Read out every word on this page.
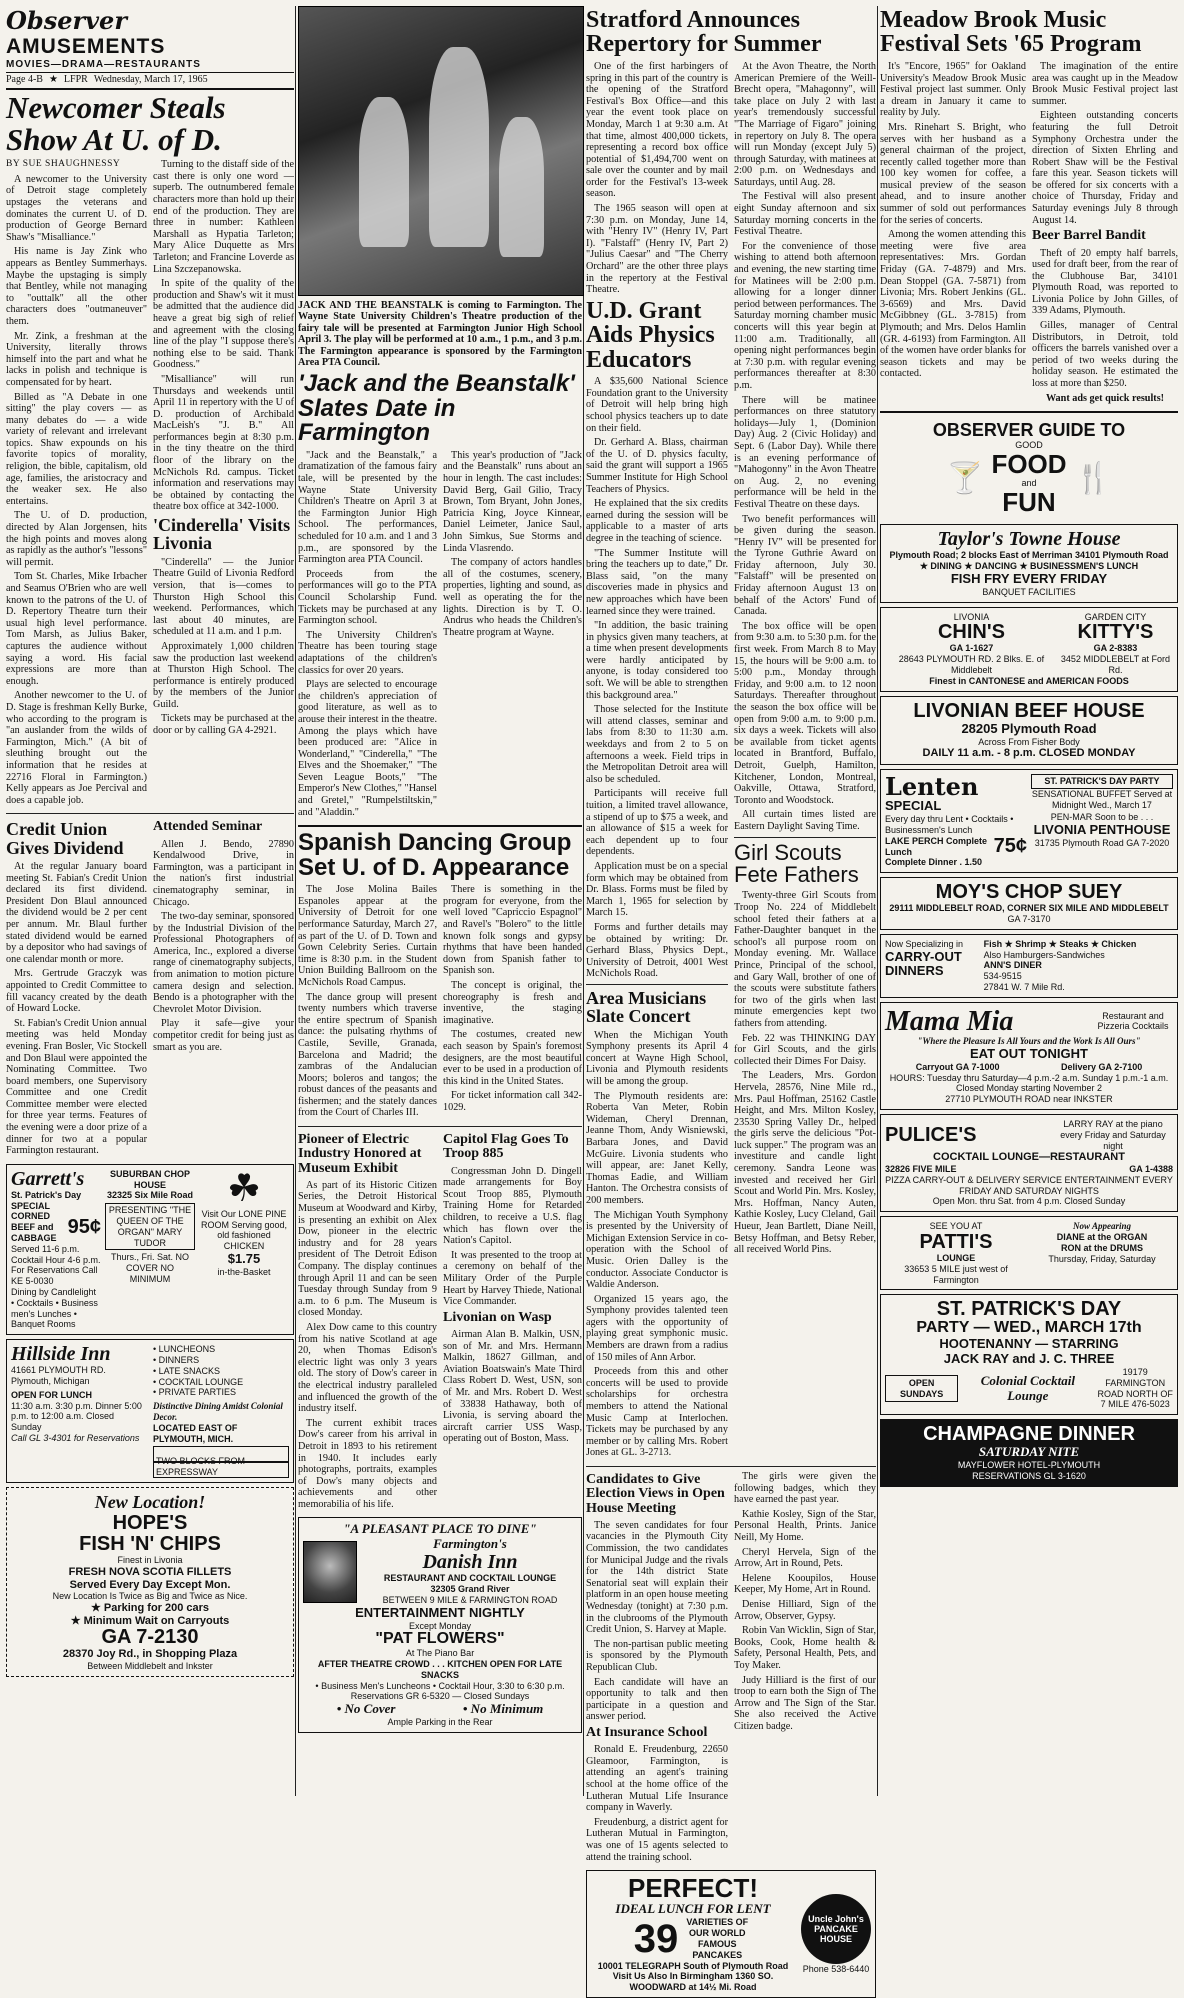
Observer
AMUSEMENTS
MOVIES—DRAMA—RESTAURANTS
Page 4-B ★ LFPR Wednesday, March 17, 1965
Newcomer Steals Show At U. of D.

BY SUE SHAUGHNESSY

A newcomer to the University of Detroit stage completely upstages the veterans and dominates the current U. of D. production of George Bernard Shaw's "Misalliance."

His name is Jay Zink who appears as Bentley Summerhays. Maybe the upstaging is simply that Bentley, while not managing to "outtalk" all the other characters does "outmaneuver" them.

Mr. Zink, a freshman at the University, literally throws himself into the part and what he lacks in polish and technique is compensated for by heart.

Billed as "A Debate in one sitting" the play covers — as many debates do — a wide variety of relevant and irrelevant topics. Shaw expounds on his favorite topics of morality, religion, the bible, capitalism, old age, families, the aristocracy and the weaker sex. He also entertains.

The U. of D. production, directed by Alan Jorgensen, hits the high points and moves along as rapidly as the author's "lessons" will permit.

Tom St. Charles, Mike Irbacher and Seamus O'Brien who are well known to the patrons of the U. of D. Repertory Theatre turn their usual high level performance. Tom Marsh, as Julius Baker, captures the audience without saying a word. His facial expressions are more than enough.

Another newcomer to the U. of D. Stage is freshman Kelly Burke, who according to the program is "an auslander from the wilds of Farmington, Mich." (A bit of sleuthing brought out the information that he resides at 22716 Floral in Farmington.) Kelly appears as Joe Percival and does a capable job.

Turning to the distaff side of the cast there is only one word — superb. The outnumbered female characters more than hold up their end of the production. They are three in number: Kathleen Marshall as Hypatia Tarleton; Mary Alice Duquette as Mrs Tarleton; and Francine Loverde as Lina Szczepanowska.

In spite of the quality of the production and Shaw's wit it must be admitted that the audience did heave a great big sigh of relief and agreement with the closing line of the play "I suppose there's nothing else to be said. Thank Goodness."

"Misalliance" will run Thursdays and weekends until April 11 in repertory with the U of D. production of Archibald MacLeish's "J. B." All performances begin at 8:30 p.m. in the tiny theatre on the third floor of the library on the McNichols Rd. campus. Ticket information and reservations may be obtained by contacting the theatre box office at 342-1000.

'Cinderella' Visits Livonia

"Cinderella" — the Junior Theatre Guild of Livonia Redford version, that is—comes to Thurston High School this weekend. Performances, which last about 40 minutes, are scheduled at 11 a.m. and 1 p.m.

Approximately 1,000 children saw the production last weekend at Thurston High School. The performance is entirely produced by the members of the Junior Guild.

Tickets may be purchased at the door or by calling GA 4-2921.

Credit Union Gives Dividend

At the regular January board meeting St. Fabian's Credit Union declared its first dividend. President Don Blaul announced the dividend would be 2 per cent per annum. Mr. Blaul further stated dividend would be earned by a depositor who had savings of one calendar month or more.

Mrs. Gertrude Graczyk was appointed to Credit Committee to fill vacancy created by the death of Howard Locke.

St. Fabian's Credit Union annual meeting was held Monday evening. Fran Bosler, Vic Stockell and Don Blaul were appointed the Nominating Committee. Two board members, one Supervisory Committee and one Credit Committee member were elected for three year terms. Features of the evening were a door prize of a dinner for two at a popular Farmington restaurant.

Attended Seminar

Allen J. Bendo, 27890 Kendalwood Drive, in Farmington, was a participant in the nation's first industrial cinematography seminar, in Chicago.

The two-day seminar, sponsored by the Industrial Division of the Professional Photographers of America, Inc., explored a diverse range of cinematography subjects, from animation to motion picture camera design and selection. Bendo is a photographer with the Chevrolet Motor Division.

Play it safe—give your competitor credit for being just as smart as you are.

Garrett's
St. Patrick's Day SPECIAL
CORNED BEEF and CABBAGE 95¢
Served 11-6 p.m. Cocktail Hour 4-6 p.m. For Reservations Call KE 5-0030
Dining by Candlelight • Cocktails • Business men's Lunches • Banquet Rooms
SUBURBAN CHOP HOUSE
32325 Six Mile Road
PRESENTING "THE QUEEN OF THE ORGAN" MARY TUDOR
Thurs., Fri. Sat. NO COVER NO MINIMUM
☘
Visit Our LONE PINE ROOM Serving good, old fashioned CHICKEN
$1.75
in-the-Basket
Hillside Inn
41661 PLYMOUTH RD. Plymouth, Michigan
OPEN FOR LUNCH
11:30 a.m. 3:30 p.m. Dinner 5:00 p.m. to 12:00 a.m. Closed Sunday
Call GL 3-4301 for Reservations
• LUNCHEONS
• DINNERS
• LATE SNACKS
• COCKTAIL LOUNGE
• PRIVATE PARTIES
Distinctive Dining Amidst Colonial Decor.
LOCATED EAST OF PLYMOUTH, MICH.
TWO BLOCKS FROM EXPRESSWAY
New Location!
HOPE'S
FISH 'N' CHIPS
Finest in Livonia
FRESH NOVA SCOTIA FILLETS
Served Every Day Except Mon.
New Location Is Twice as Big and Twice as Nice.
★ Parking for 200 cars
★ Minimum Wait on Carryouts
GA 7-2130
28370 Joy Rd., in Shopping Plaza
Between Middlebelt and Inkster
JACK AND THE BEANSTALK is coming to Farmington. The Wayne State University Children's Theatre production of the fairy tale will be presented at Farmington Junior High School April 3. The play will be performed at 10 a.m., 1 p.m., and 3 p.m. The Farmington appearance is sponsored by the Farmington Area PTA Council.
'Jack and the Beanstalk' Slates Date in Farmington

"Jack and the Beanstalk," a dramatization of the famous fairy tale, will be presented by the Wayne State University Children's Theatre on April 3 at the Farmington Junior High School. The performances, scheduled for 10 a.m. and 1 and 3 p.m., are sponsored by the Farmington area PTA Council.

Proceeds from the performances will go to the PTA Council Scholarship Fund. Tickets may be purchased at any Farmington school.

The University Children's Theatre has been touring stage adaptations of the children's classics for over 20 years.

Plays are selected to encourage the children's appreciation of good literature, as well as to arouse their interest in the theatre. Among the plays which have been produced are: "Alice in Wonderland," "Cinderella," "The Elves and the Shoemaker," "The Seven League Boots," "The Emperor's New Clothes," "Hansel and Gretel," "Rumpelstiltskin," and "Aladdin."

This year's production of "Jack and the Beanstalk" runs about an hour in length. The cast includes: David Berg, Gail Gilio, Tracy Brown, Tom Bryant, John Jones, Patricia King, Joyce Kinnear, Daniel Leimeter, Janice Saul, John Simkus, Sue Storms and Linda Vlasrendo.

The company of actors handles all of the costumes, scenery, properties, lighting and sound, as well as operating the for the lights. Direction is by T. O. Andrus who heads the Children's Theatre program at Wayne.

Spanish Dancing Group Set U. of D. Appearance

The Jose Molina Bailes Espanoles appear at the University of Detroit for one performance Saturday, March 27, as part of the U. of D. Town and Gown Celebrity Series. Curtain time is 8:30 p.m. in the Student Union Building Ballroom on the McNichols Road Campus.

The dance group will present twenty numbers which traverse the entire spectrum of Spanish dance: the pulsating rhythms of Castile, Seville, Granada, Barcelona and Madrid; the zambras of the Andalucian Moors; boleros and tangos; the robust dances of the peasants and fishermen; and the stately dances from the Court of Charles III.

There is something in the program for everyone, from the well loved "Capriccio Espagnol" and Ravel's "Bolero" to the little known folk songs and gypsy rhythms that have been handed down from Spanish father to Spanish son.

The concept is original, the choreography is fresh and inventive, the staging imaginative.

The costumes, created new each season by Spain's foremost designers, are the most beautiful ever to be used in a production of this kind in the United States.

For ticket information call 342-1029.

Pioneer of Electric Industry Honored at Museum Exhibit

As part of its Historic Citizen Series, the Detroit Historical Museum at Woodward and Kirby, is presenting an exhibit on Alex Dow, pioneer in the electric industry and for 28 years president of The Detroit Edison Company. The display continues through April 11 and can be seen Tuesday through Sunday from 9 a.m. to 6 p.m. The Museum is closed Monday.

Alex Dow came to this country from his native Scotland at age 20, when Thomas Edison's electric light was only 3 years old. The story of Dow's career in the electrical industry paralleled and influenced the growth of the industry itself.

The current exhibit traces Dow's career from his arrival in Detroit in 1893 to his retirement in 1940. It includes early photographs, portraits, examples of Dow's many objects and achievements and other memorabilia of his life.

Capitol Flag Goes To Troop 885

Congressman John D. Dingell made arrangements for Boy Scout Troop 885, Plymouth Training Home for Retarded children, to receive a U.S. flag which has flown over the Nation's Capitol.

It was presented to the troop at a ceremony on behalf of the Military Order of the Purple Heart by Harvey Thiede, National Vice Commander.

Livonian on Wasp

Airman Alan B. Malkin, USN, son of Mr. and Mrs. Hermann Malkin, 18627 Gillman, and Aviation Boatswain's Mate Third Class Robert D. West, USN, son of Mr. and Mrs. Robert D. West of 33838 Hathaway, both of Livonia, is serving aboard the aircraft carrier USS Wasp, operating out of Boston, Mass.

"A PLEASANT PLACE TO DINE"
Farmington's
Danish Inn
RESTAURANT AND COCKTAIL LOUNGE
32305 Grand River
BETWEEN 9 MILE & FARMINGTON ROAD
ENTERTAINMENT NIGHTLY
Except Monday
"PAT FLOWERS"
At The Piano Bar
AFTER THEATRE CROWD . . . KITCHEN OPEN FOR LATE SNACKS
• Business Men's Luncheons • Cocktail Hour, 3:30 to 6:30 p.m. Reservations GR 6-5320 — Closed Sundays
• No Cover	• No Minimum
Ample Parking in the Rear
Stratford Announces Repertory for Summer

One of the first harbingers of spring in this part of the country is the opening of the Stratford Festival's Box Office—and this year the event took place on Monday, March 1 at 9:30 a.m. At that time, almost 400,000 tickets, representing a record box office potential of $1,494,700 went on sale over the counter and by mail order for the Festival's 13-week season.

The 1965 season will open at 7:30 p.m. on Monday, June 14, with "Henry IV" (Henry IV, Part I). "Falstaff" (Henry IV, Part 2) "Julius Caesar" and "The Cherry Orchard" are the other three plays in the repertory at the Festival Theatre.

U.D. Grant Aids Physics Educators

A $35,600 National Science Foundation grant to the University of Detroit will help bring high school physics teachers up to date on their field.

Dr. Gerhard A. Blass, chairman of the U. of D. physics faculty, said the grant will support a 1965 Summer Institute for High School Teachers of Physics.

He explained that the six credits earned during the session will be applicable to a master of arts degree in the teaching of science.

"The Summer Institute will bring the teachers up to date," Dr. Blass said, "on the many discoveries made in physics and new approaches which have been learned since they were trained.

"In addition, the basic training in physics given many teachers, at a time when present developments were hardly anticipated by anyone, is today considered too soft. We will be able to strengthen this background area."

Those selected for the Institute will attend classes, seminar and labs from 8:30 to 11:30 a.m. weekdays and from 2 to 5 on afternoons a week. Field trips in the Metropolitan Detroit area will also be scheduled.

Participants will receive full tuition, a limited travel allowance, a stipend of up to $75 a week, and an allowance of $15 a week for each dependent up to four dependents.

Application must be on a special form which may be obtained from Dr. Blass. Forms must be filed by March 1, 1965 for selection by March 15.

Forms and further details may be obtained by writing: Dr. Gerhard Blass, Physics Dept., University of Detroit, 4001 West McNichols Road.

Area Musicians Slate Concert

When the Michigan Youth Symphony presents its April 4 concert at Wayne High School, Livonia and Plymouth residents will be among the group.

The Plymouth residents are: Roberta Van Meter, Robin Wideman, Cheryl Drennan, Jeanne Thom, Andy Wisniewski, Barbara Jones, and David McGuire. Livonia students who will appear, are: Janet Kelly, Thomas Eadie, and William Hanton. The Orchestra consists of 200 members.

The Michigan Youth Symphony is presented by the University of Michigan Extension Service in co-operation with the School of Music. Orien Dalley is the conductor. Associate Conductor is Waldie Anderson.

Organized 15 years ago, the Symphony provides talented teen agers with the opportunity of playing great symphonic music. Members are drawn from a radius of 150 miles of Ann Arbor.

Proceeds from this and other concerts will be used to provide scholarships for orchestra members to attend the National Music Camp at Interlochen. Tickets may be purchased by any member or by calling Mrs. Robert Jones at GL. 3-2713.

At the Avon Theatre, the North American Premiere of the Weill-Brecht opera, "Mahagonny", will take place on July 2 with last year's tremendously successful "The Marriage of Figaro" joining in repertory on July 8. The opera will run Monday (except July 5) through Saturday, with matinees at 2:00 p.m. on Wednesdays and Saturdays, until Aug. 28.

The Festival will also present eight Sunday afternoon and six Saturday morning concerts in the Festival Theatre.

For the convenience of those wishing to attend both afternoon and evening, the new starting time for Matinees will be 2:00 p.m. allowing for a longer dinner period between performances. The Saturday morning chamber music concerts will this year begin at 11:00 a.m. Traditionally, all opening night performances begin at 7:30 p.m. with regular evening performances thereafter at 8:30 p.m.

There will be matinee performances on three statutory holidays—July 1, (Dominion Day) Aug. 2 (Civic Holiday) and Sept. 6 (Labor Day). While there is an evening performance of "Mahogonny" in the Avon Theatre on Aug. 2, no evening performance will be held in the Festival Theatre on these days.

Two benefit performances will be given during the season. "Henry IV" will be presented for the Tyrone Guthrie Award on Friday afternoon, July 30. "Falstaff" will be presented on Friday afternoon August 13 on behalf of the Actors' Fund of Canada.

The box office will be open from 9:30 a.m. to 5:30 p.m. for the first week. From March 8 to May 15, the hours will be 9:00 a.m. to 5:00 p.m., Monday through Friday, and 9:00 a.m. to 12 noon Saturdays. Thereafter throughout the season the box office will be open from 9:00 a.m. to 9:00 p.m. six days a week. Tickets will also be available from ticket agents located in Brantford, Buffalo, Detroit, Guelph, Hamilton, Kitchener, London, Montreal, Oakville, Ottawa, Stratford, Toronto and Woodstock.

All curtain times listed are Eastern Daylight Saving Time.

Girl Scouts Fete Fathers

Twenty-three Girl Scouts from Troop No. 224 of Middlebelt school feted their fathers at a Father-Daughter banquet in the school's all purpose room on Monday evening. Mr. Wallace Prince, Principal of the school, and Gary Wall, brother of one of the scouts were substitute fathers for two of the girls when last minute emergencies kept two fathers from attending.

Feb. 22 was THINKING DAY for Girl Scouts, and the girls collected their Dimes For Daisy.

The Leaders, Mrs. Gordon Hervela, 28576, Nine Mile rd., Mrs. Paul Hoffman, 25162 Castle Height, and Mrs. Milton Kosley, 23530 Spring Valley Dr., helped the girls serve the delicious "Pot-luck supper." The program was an investiture and candle light ceremony. Sandra Leone was invested and received her Girl Scout and World Pin. Mrs. Kosley, Mrs. Hoffman, Nancy Auten, Kathie Kosley, Lucy Cleland, Gail Hueur, Jean Bartlett, Diane Neill, Betsy Hoffman, and Betsy Reber, all received World Pins.

Candidates to Give Election Views in Open House Meeting

The seven candidates for four vacancies in the Plymouth City Commission, the two candidates for Municipal Judge and the rivals for the 14th district State Senatorial seat will explain their platform in an open house meeting Wednesday (tonight) at 7:30 p.m. in the clubrooms of the Plymouth Credit Union, S. Harvey at Maple.

The non-partisan public meeting is sponsored by the Plymouth Republican Club.

Each candidate will have an opportunity to talk and then participate in a question and answer period.

At Insurance School

Ronald E. Freudenburg, 22650 Gleamoor, Farmington, is attending an agent's training school at the home office of the Lutheran Mutual Life Insurance company in Waverly.

Freudenburg, a district agent for Lutheran Mutual in Farmington, was one of 15 agents selected to attend the training school.

The girls were given the following badges, which they have earned the past year.

Kathie Kosley, Sign of the Star, Personal Health, Prints. Janice Neill, My Home.

Cheryl Hervela, Sign of the Arrow, Art in Round, Pets.

Helene Kooupilos, House Keeper, My Home, Art in Round.

Denise Hilliard, Sign of the Arrow, Observer, Gypsy.

Robin Van Wicklin, Sign of Star, Books, Cook, Home health & Safety, Personal Health, Pets, and Toy Maker.

Judy Hilliard is the first of our troop to earn both the Sign of The Arrow and The Sign of the Star. She also received the Active Citizen badge.

PERFECT!
IDEAL LUNCH FOR LENT
39 VARIETIES OF OUR WORLD FAMOUS PANCAKES
10001 TELEGRAPH South of Plymouth Road
Visit Us Also In Birmingham 1360 SO. WOODWARD at 14½ Mi. Road
Uncle John's PANCAKE HOUSE
Phone 538-6440
Meadow Brook Music Festival Sets '65 Program

It's "Encore, 1965" for Oakland University's Meadow Brook Music Festival project last summer. Only a dream in January it came to reality by July.

Mrs. Rinehart S. Bright, who serves with her husband as a general chairman of the project, recently called together more than 100 key women for coffee, a musical preview of the season ahead, and to insure another summer of sold out performances for the series of concerts.

Among the women attending this meeting were five area representatives: Mrs. Gordan Friday (GA. 7-4879) and Mrs. Dean Stoppel (GA. 7-5871) from Livonia; Mrs. Robert Jenkins (GL. 3-6569) and Mrs. David McGibbney (GL. 3-7815) from Plymouth; and Mrs. Delos Hamlin (GR. 4-6193) from Farmington. All of the women have order blanks for season tickets and may be contacted.

The imagination of the entire area was caught up in the Meadow Brook Music Festival project last summer.

Eighteen outstanding concerts featuring the full Detroit Symphony Orchestra under the direction of Sixten Ehrling and Robert Shaw will be the Festival fare this year. Season tickets will be offered for six concerts with a choice of Thursday, Friday and Saturday evenings July 8 through August 14.

Beer Barrel Bandit

Theft of 20 empty half barrels, used for draft beer, from the rear of the Clubhouse Bar, 34101 Plymouth Road, was reported to Livonia Police by John Gilles, of 339 Adams, Plymouth.

Gilles, manager of Central Distributors, in Detroit, told officers the barrels vanished over a period of two weeks during the holiday season. He estimated the loss at more than $250.

Want ads get quick results!

OBSERVER GUIDE TO
🍸
GOOD
FOOD
and
FUN
🍴
Taylor's Towne House
Plymouth Road; 2 blocks East of Merriman 34101 Plymouth Road
★ DINING ★ DANCING ★ BUSINESSMEN'S LUNCH
FISH FRY EVERY FRIDAY
BANQUET FACILITIES
LIVONIA
CHIN'S
GA 1-1627
28643 PLYMOUTH RD. 2 Blks. E. of Middlebelt
GARDEN CITY
KITTY'S
GA 2-8383
3452 MIDDLEBELT at Ford Rd.
Finest in CANTONESE and AMERICAN FOODS
LIVONIAN BEEF HOUSE
28205 Plymouth Road
Across From Fisher Body
DAILY 11 a.m. - 8 p.m. CLOSED MONDAY
Lenten
SPECIAL
Every day thru Lent • Cocktails • Businessmen's Lunch
LAKE PERCH Complete Lunch	75¢
Complete Dinner . 1.50
ST. PATRICK'S DAY PARTY
SENSATIONAL BUFFET Served at Midnight Wed., March 17
PEN-MAR Soon to be . . .
LIVONIA PENTHOUSE
31735 Plymouth Road GA 7-2020
MOY'S CHOP SUEY
29111 MIDDLEBELT ROAD, CORNER SIX MILE AND MIDDLEBELT
GA 7-3170
Now Specializing in
CARRY-OUT DINNERS
Fish ★ Shrimp ★ Steaks ★ Chicken
Also Hamburgers-Sandwiches
ANN'S DINER
534-9515
27841 W. 7 Mile Rd.
Mama Mia	Restaurant and Pizzeria Cocktails
"Where the Pleasure Is All Yours and the Work Is All Ours"
EAT OUT TONIGHT
Carryout GA 7-1000	Delivery GA 2-7100
HOURS: Tuesday thru Saturday—4 p.m.-2 a.m. Sunday 1 p.m.-1 a.m. Closed Monday starting November 2
27710 PLYMOUTH ROAD near INKSTER
PULICE'S	LARRY RAY at the piano every Friday and Saturday night
COCKTAIL LOUNGE—RESTAURANT
32826 FIVE MILE	GA 1-4388
PIZZA CARRY-OUT & DELIVERY SERVICE ENTERTAINMENT EVERY FRIDAY AND SATURDAY NIGHTS
Open Mon. thru Sat. from 4 p.m. Closed Sunday
SEE YOU AT
PATTI'S
LOUNGE
33653 5 MILE just west of Farmington
Now Appearing
DIANE at the ORGAN
RON at the DRUMS
Thursday, Friday, Saturday
ST. PATRICK'S DAY
PARTY — WED., MARCH 17th
HOOTENANNY — STARRING
JACK RAY and J. C. THREE
OPEN SUNDAYS
Colonial Cocktail Lounge
19179 FARMINGTON ROAD NORTH OF 7 MILE 476-5023
CHAMPAGNE DINNER
SATURDAY NITE
MAYFLOWER HOTEL-PLYMOUTH
RESERVATIONS GL 3-1620
